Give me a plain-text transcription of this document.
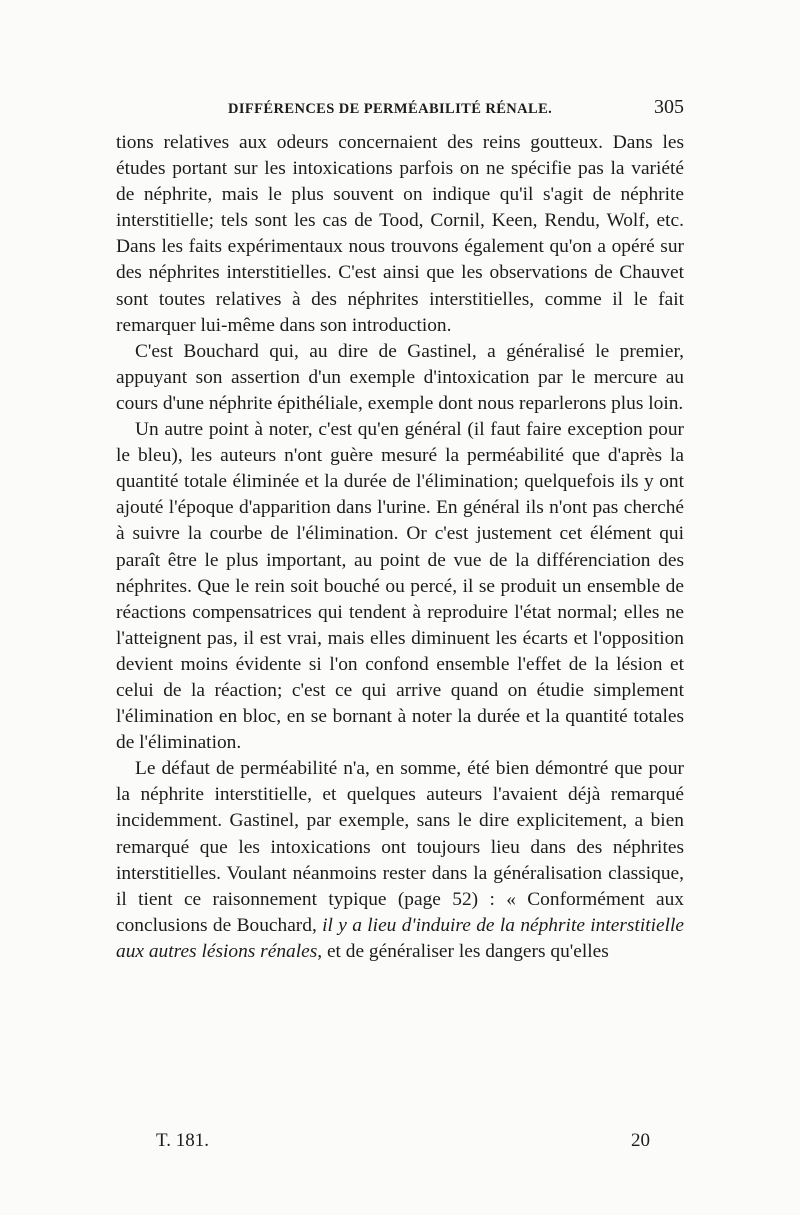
DIFFÉRENCES DE PERMÉABILITÉ RÉNALE.	305

tions relatives aux odeurs concernaient des reins goutteux. Dans les études portant sur les intoxications parfois on ne spécifie pas la variété de néphrite, mais le plus souvent on indique qu'il s'agit de néphrite interstitielle; tels sont les cas de Tood, Cornil, Keen, Rendu, Wolf, etc. Dans les faits expérimentaux nous trouvons également qu'on a opéré sur des néphrites interstitielles. C'est ainsi que les observations de Chauvet sont toutes relatives à des néphrites interstitielles, comme il le fait remarquer lui-même dans son introduction.

C'est Bouchard qui, au dire de Gastinel, a généralisé le premier, appuyant son assertion d'un exemple d'intoxication par le mercure au cours d'une néphrite épithéliale, exemple dont nous reparlerons plus loin.

Un autre point à noter, c'est qu'en général (il faut faire exception pour le bleu), les auteurs n'ont guère mesuré la perméabilité que d'après la quantité totale éliminée et la durée de l'élimination; quelquefois ils y ont ajouté l'époque d'apparition dans l'urine. En général ils n'ont pas cherché à suivre la courbe de l'élimination. Or c'est justement cet élément qui paraît être le plus important, au point de vue de la différenciation des néphrites. Que le rein soit bouché ou percé, il se produit un ensemble de réactions compensatrices qui tendent à reproduire l'état normal; elles ne l'atteignent pas, il est vrai, mais elles diminuent les écarts et l'opposition devient moins évidente si l'on confond ensemble l'effet de la lésion et celui de la réaction; c'est ce qui arrive quand on étudie simplement l'élimination en bloc, en se bornant à noter la durée et la quantité totales de l'élimination.

Le défaut de perméabilité n'a, en somme, été bien démontré que pour la néphrite interstitielle, et quelques auteurs l'avaient déjà remarqué incidemment. Gastinel, par exemple, sans le dire explicitement, a bien remarqué que les intoxications ont toujours lieu dans des néphrites interstitielles. Voulant néanmoins rester dans la généralisation classique, il tient ce raisonnement typique (page 52) : « Conformément aux conclusions de Bouchard, il y a lieu d'induire de la néphrite interstitielle aux autres lésions rénales, et de généraliser les dangers qu'elles

T. 181.	20
